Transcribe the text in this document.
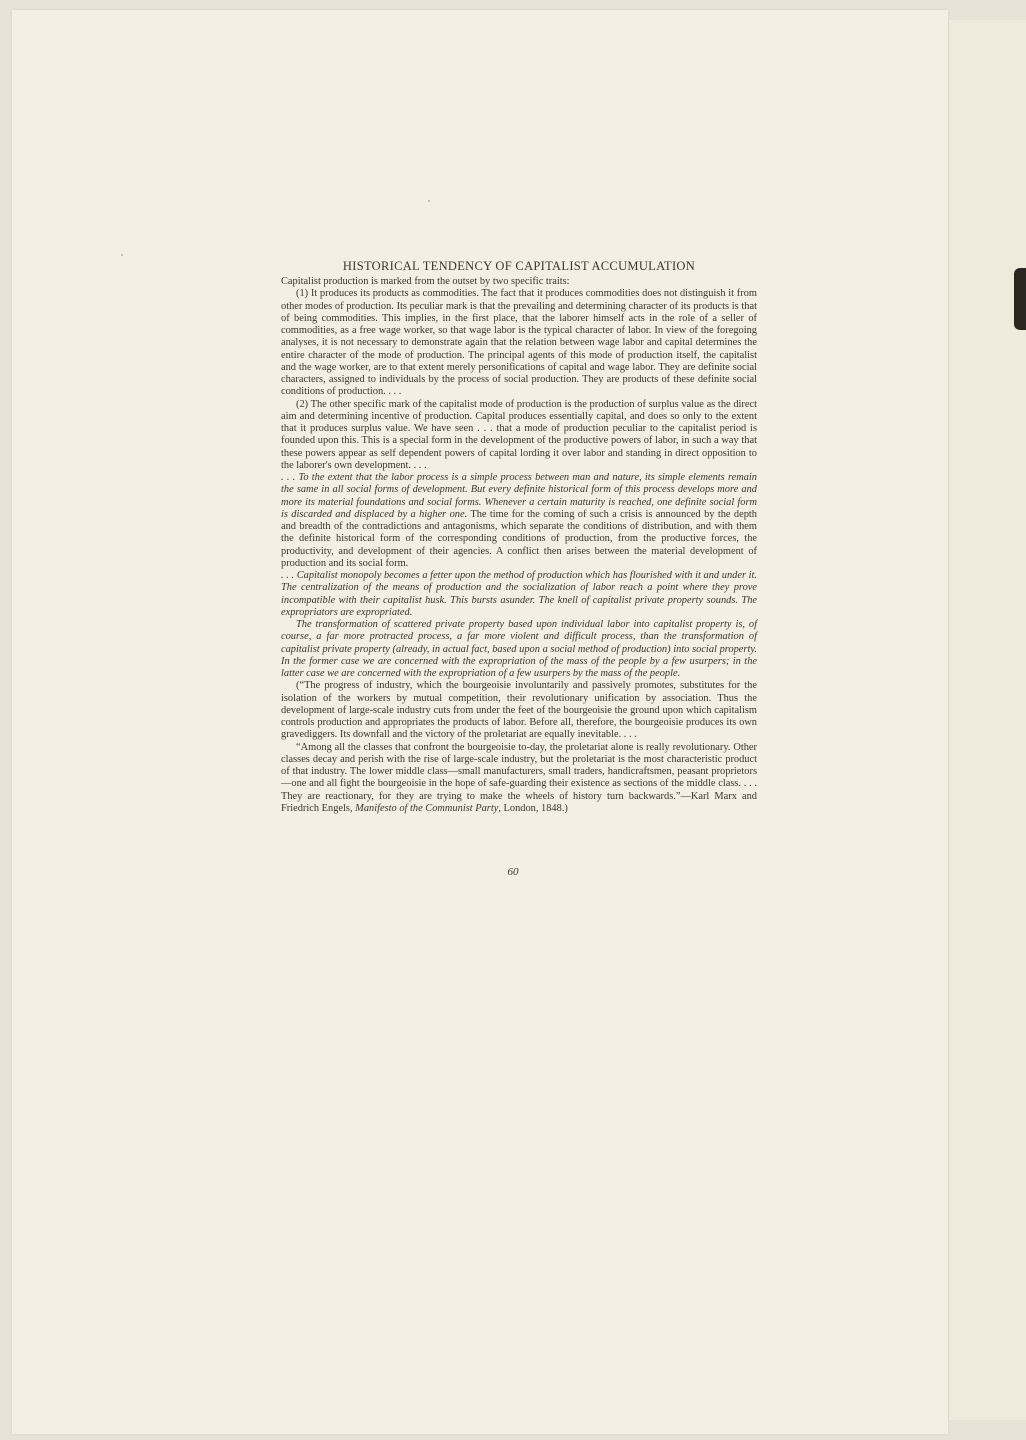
HISTORICAL TENDENCY OF CAPITALIST ACCUMULATION

Capitalist production is marked from the outset by two specific traits:

(1) It produces its products as commodities. The fact that it produces commodities does not distinguish it from other modes of production. Its peculiar mark is that the prevailing and determining character of its products is that of being commodities. This implies, in the first place, that the laborer himself acts in the role of a seller of commodities, as a free wage worker, so that wage labor is the typical character of labor. In view of the foregoing analyses, it is not necessary to demonstrate again that the relation between wage labor and capital determines the entire character of the mode of production. The principal agents of this mode of production itself, the capitalist and the wage worker, are to that extent merely personifications of capital and wage labor. They are definite social characters, assigned to individuals by the process of social production. They are products of these definite social conditions of production. . . .

(2) The other specific mark of the capitalist mode of production is the production of surplus value as the direct aim and determining incentive of production. Capital produces essentially capital, and does so only to the extent that it produces surplus value. We have seen . . . that a mode of production peculiar to the capitalist period is founded upon this. This is a special form in the development of the productive powers of labor, in such a way that these powers appear as self dependent powers of capital lording it over labor and standing in direct opposition to the laborer's own development. . . .

. . . To the extent that the labor process is a simple process between man and nature, its simple elements remain the same in all social forms of development. But every definite historical form of this process develops more and more its material foundations and social forms. Whenever a certain maturity is reached, one definite social form is discarded and displaced by a higher one. The time for the coming of such a crisis is announced by the depth and breadth of the contradictions and antagonisms, which separate the conditions of distribution, and with them the definite historical form of the corresponding conditions of production, from the productive forces, the productivity, and development of their agencies. A conflict then arises between the material development of production and its social form.

. . . Capitalist monopoly becomes a fetter upon the method of production which has flourished with it and under it. The centralization of the means of production and the socialization of labor reach a point where they prove incompatible with their capitalist husk. This bursts asunder. The knell of capitalist private property sounds. The expropriators are expropriated.

The transformation of scattered private property based upon individual labor into capitalist property is, of course, a far more protracted process, a far more violent and difficult process, than the transformation of capitalist private property (already, in actual fact, based upon a social method of production) into social property. In the former case we are concerned with the expropriation of the mass of the people by a few usurpers; in the latter case we are concerned with the expropriation of a few usurpers by the mass of the people.

(“The progress of industry, which the bourgeoisie involuntarily and passively promotes, substitutes for the isolation of the workers by mutual competition, their revolutionary unification by association. Thus the development of large-scale industry cuts from under the feet of the bourgeoisie the ground upon which capitalism controls production and appropriates the products of labor. Before all, therefore, the bourgeoisie produces its own gravediggers. Its downfall and the victory of the proletariat are equally inevitable. . . .

“Among all the classes that confront the bourgeoisie to-day, the proletariat alone is really revolutionary. Other classes decay and perish with the rise of large-scale industry, but the proletariat is the most characteristic product of that industry. The lower middle class—small manufacturers, small traders, handicraftsmen, peasant proprietors—one and all fight the bourgeoisie in the hope of safe-guarding their existence as sections of the middle class. . . . They are reactionary, for they are trying to make the wheels of history turn backwards.”—Karl Marx and Friedrich Engels, Manifesto of the Communist Party, London, 1848.)

60
